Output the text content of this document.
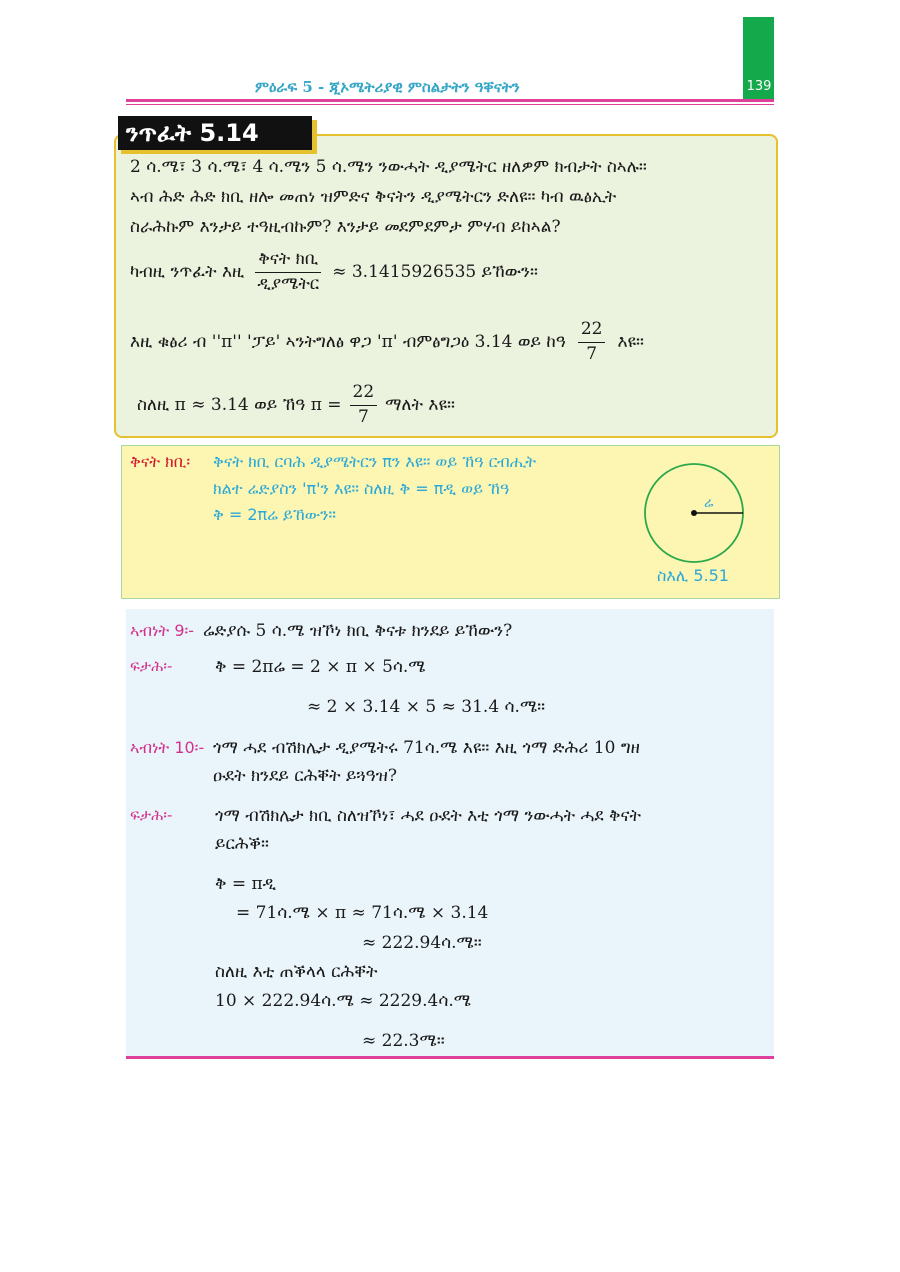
139
ምዕራፍ 5 - ጂኦሜትሪያዊ ምስልታትን ዓቐናትን
ንጥፈት 5.14
2 ሳ.ሜ፣ 3 ሳ.ሜ፣ 4 ሳ.ሜን 5 ሳ.ሜን ንውሓት ዲያሜትር ዘለዎም ክብታት ስኣሉ።
ኣብ ሕድ ሕድ ክቢ ዘሎ መጠነ ዝምድና ቅናትን ዲያሜትርን ድለዩ። ካብ ዉፅኢት
ስራሕኩም እንታይ ተዓዚብኩም? እንታይ መደምደምታ ምሃብ ይከኣል?
ካብዚ ንጥፈት እዚ $\frac{\text{ቅናት ክቢ}}{\text{ዲያሜትር}} \approx 3.1415926535$ ይኸውን።
እዚ ቁፅሪ ብ ''π'' 'ፓይ' ኣንትግለፅ ዋጋ 'π' ብምፅግጋዕ 3.14 ወይ ከዓ $\frac{22}{7}$ እዩ።
ስለዚ π ≈ 3.14 ወይ ኸዓ $\pi = \frac{22}{7}$ ማለት እዩ።
ቅናት ክቢ፡ ቅናት ክቢ ርባሕ ዲያሜትርን πን እዩ። ወይ ኸዓ ርብሒት
ክልተ ሬድያስን 'π'ን እዩ። ስለዚ ቅ = πዲ ወይ ኸዓ
ቅ = 2πሬ ይኸውን።
ሬ
ስእሊ 5.51
ኣብነት 9፡- ሬድያሱ 5 ሳ.ሜ ዝኾነ ክቢ ቅናቱ ክንደይ ይኸውን?
ፍታሕ፡-	ቅ = 2πሬ = 2 × π × 5ሳ.ሜ
≈ 2 × 3.14 × 5 ≈ 31.4 ሳ.ሜ።
ኣብነት 10፡- ጎማ ሓደ ብሽክሌታ ዲያሜትሩ 71ሳ.ሜ እዩ። እዚ ጎማ ድሕሪ 10 ግዘ
ዑደት ክንደይ ርሕቐት ይጓዓዝ?
ፍታሕ፡-	ጎማ ብሽክሌታ ክቢ ስለዝኾነ፣ ሓደ ዑደት እቲ ጎማ ንውሓት ሓደ ቅናት
ይርሕቕ።
ቅ = πዲ
= 71ሳ.ሜ × π ≈ 71ሳ.ሜ × 3.14
≈ 222.94ሳ.ሜ።
ስለዚ እቲ ጠቕላላ ርሕቐት
10 × 222.94ሳ.ሜ ≈ 2229.4ሳ.ሜ
≈ 22.3ሜ።
